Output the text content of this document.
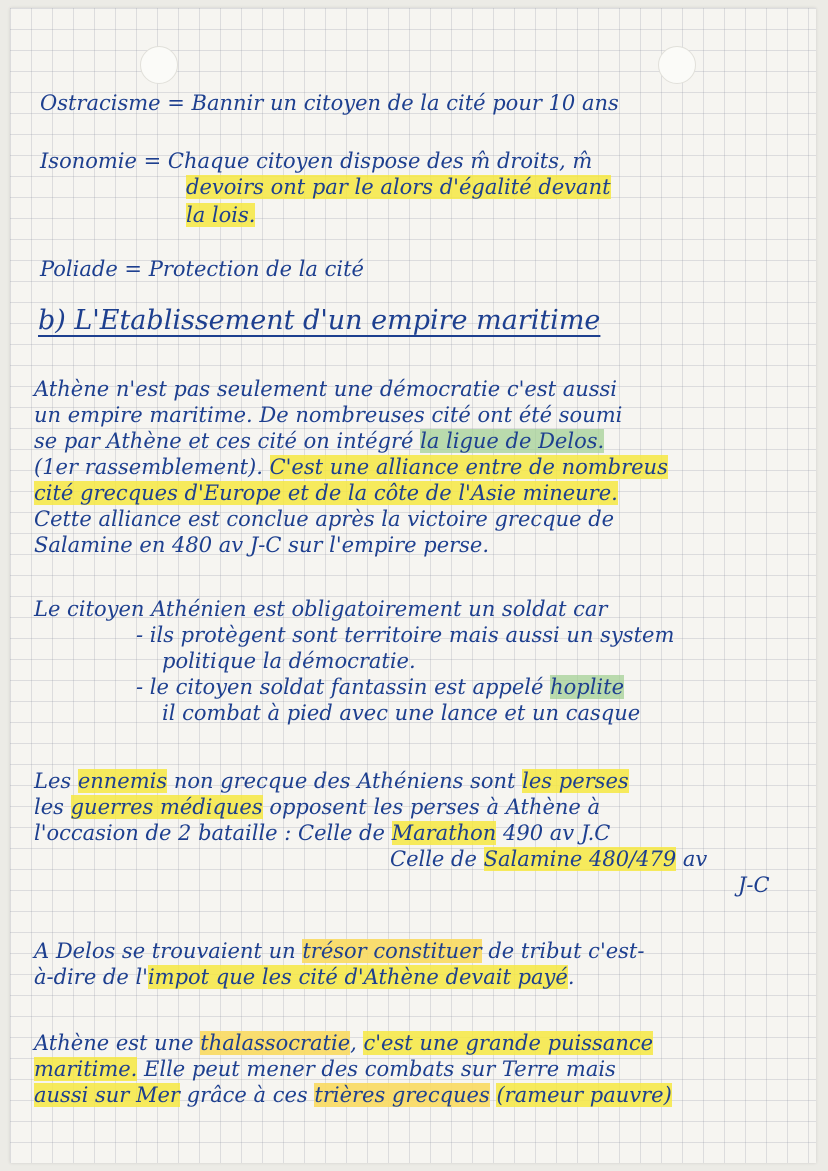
Ostracisme = Bannir un citoyen de la cité pour 10 ans
Isonomie = Chaque citoyen dispose des m̂ droits, m̂
devoirs ont par le alors d'égalité devant
la lois.
Poliade = Protection de la cité
b) L'Etablissement d'un empire maritime
Athène n'est pas seulement une démocratie c'est aussi
un empire maritime. De nombreuses cité ont été soumi
se par Athène et ces cité on intégré la ligue de Delos.
(1er rassemblement). C'est une alliance entre de nombreus
cité grecques d'Europe et de la côte de l'Asie mineure.
Cette alliance est conclue après la victoire grecque de
Salamine en 480 av J-C sur l'empire perse.
Le citoyen Athénien est obligatoirement un soldat car
- ils protègent sont territoire mais aussi un system
politique la démocratie.
- le citoyen soldat fantassin est appelé hoplite
il combat à pied avec une lance et un casque
Les ennemis non grecque des Athéniens sont les perses
les guerres médiques opposent les perses à Athène à
l'occasion de 2 bataille : Celle de Marathon 490 av J.C
Celle de Salamine 480/479 av
J-C
A Delos se trouvaient un trésor constituer de tribut c'est-
à-dire de l'impot que les cité d'Athène devait payé.
Athène est une thalassocratie, c'est une grande puissance
maritime. Elle peut mener des combats sur Terre mais
aussi sur Mer grâce à ces trières grecques (rameur pauvre)
